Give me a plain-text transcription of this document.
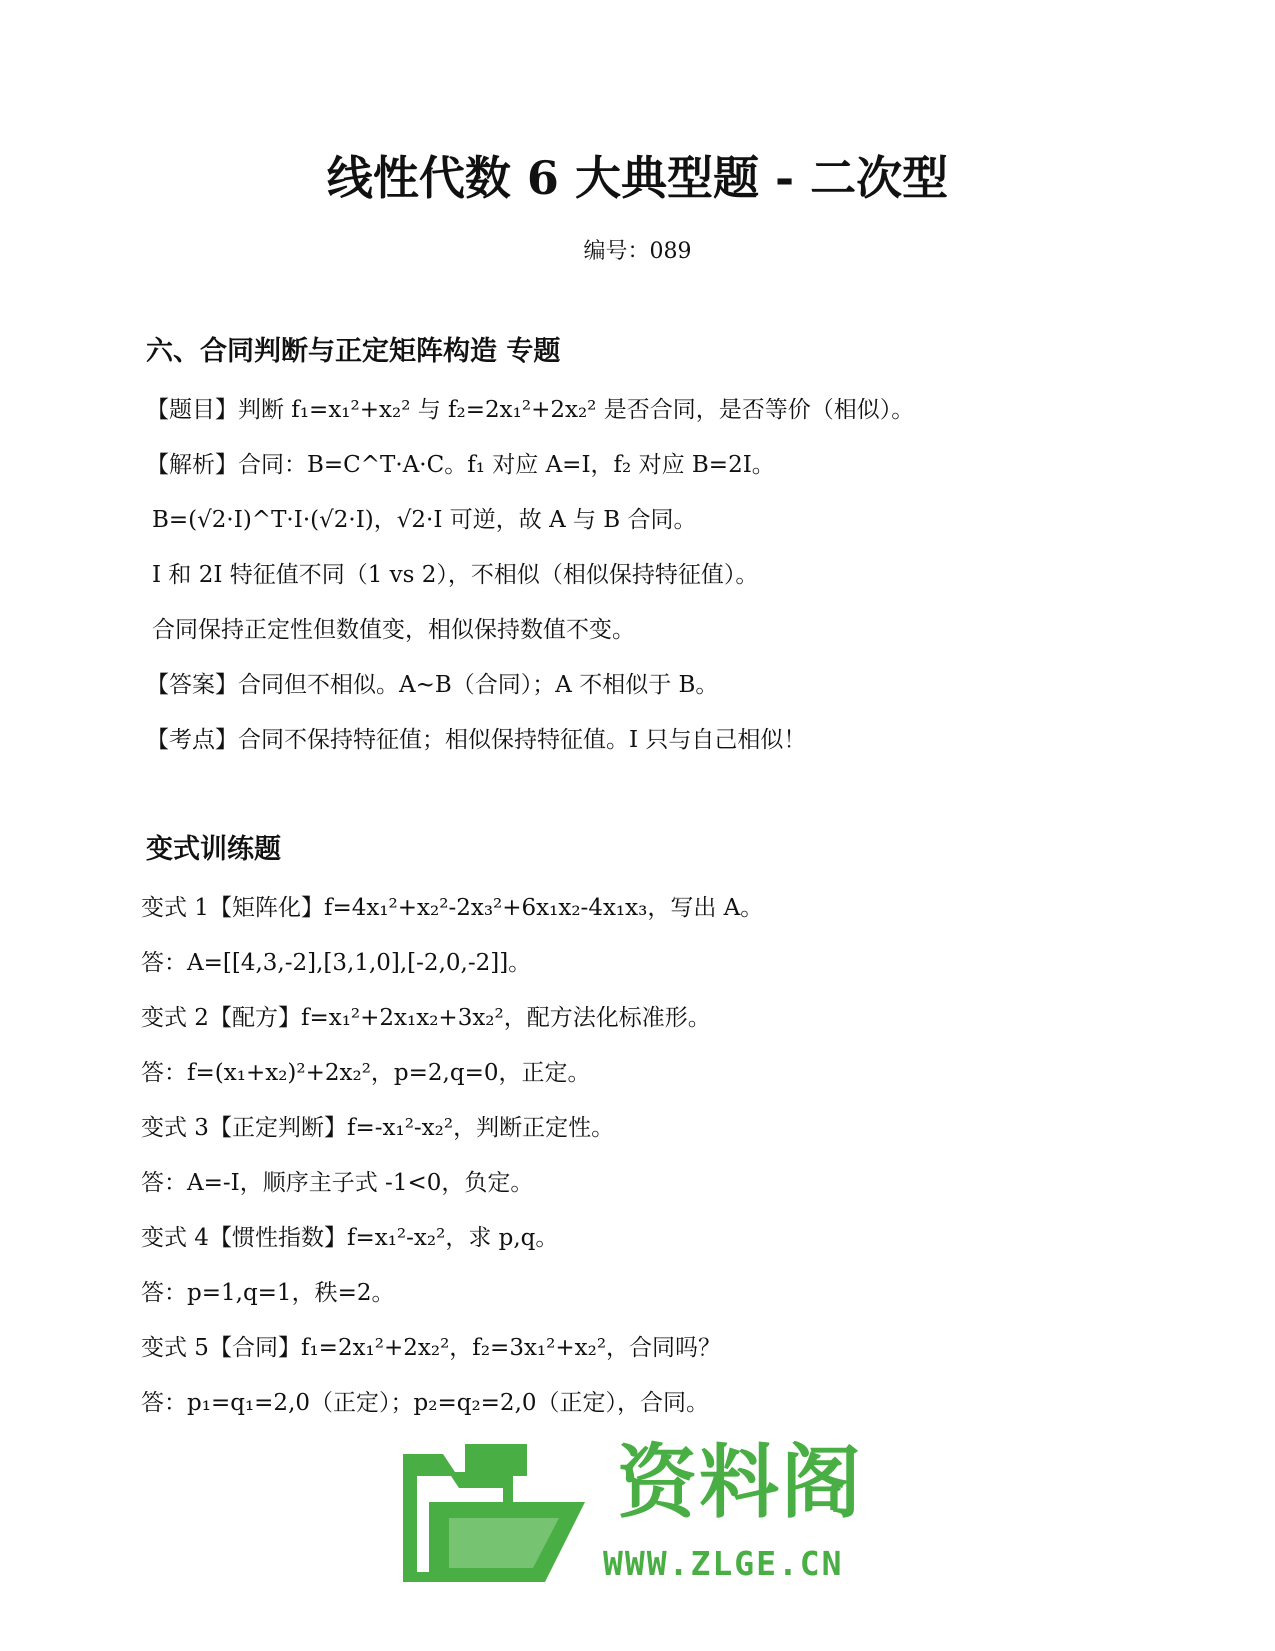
线性代数 6 大典型题 - 二次型
编号：089
六、合同判断与正定矩阵构造 专题
【题目】判断 f₁=x₁²+x₂² 与 f₂=2x₁²+2x₂² 是否合同，是否等价（相似）。
【解析】合同：B=C^T·A·C。f₁ 对应 A=I，f₂ 对应 B=2I。
B=(√2·I)^T·I·(√2·I)，√2·I 可逆，故 A 与 B 合同。
I 和 2I 特征值不同（1 vs 2），不相似（相似保持特征值）。
合同保持正定性但数值变，相似保持数值不变。
【答案】合同但不相似。A~B（合同）；A 不相似于 B。
【考点】合同不保持特征值；相似保持特征值。I 只与自己相似！
变式训练题
变式 1【矩阵化】f=4x₁²+x₂²-2x₃²+6x₁x₂-4x₁x₃，写出 A。
答：A=[[4,3,-2],[3,1,0],[-2,0,-2]]。
变式 2【配方】f=x₁²+2x₁x₂+3x₂²，配方法化标准形。
答：f=(x₁+x₂)²+2x₂²，p=2,q=0，正定。
变式 3【正定判断】f=-x₁²-x₂²，判断正定性。
答：A=-I，顺序主子式 -1<0，负定。
变式 4【惯性指数】f=x₁²-x₂²，求 p,q。
答：p=1,q=1，秩=2。
变式 5【合同】f₁=2x₁²+2x₂²，f₂=3x₁²+x₂²，合同吗？
答：p₁=q₁=2,0（正定）；p₂=q₂=2,0（正定），合同。
资料阁
WWW.ZLGE.CN
